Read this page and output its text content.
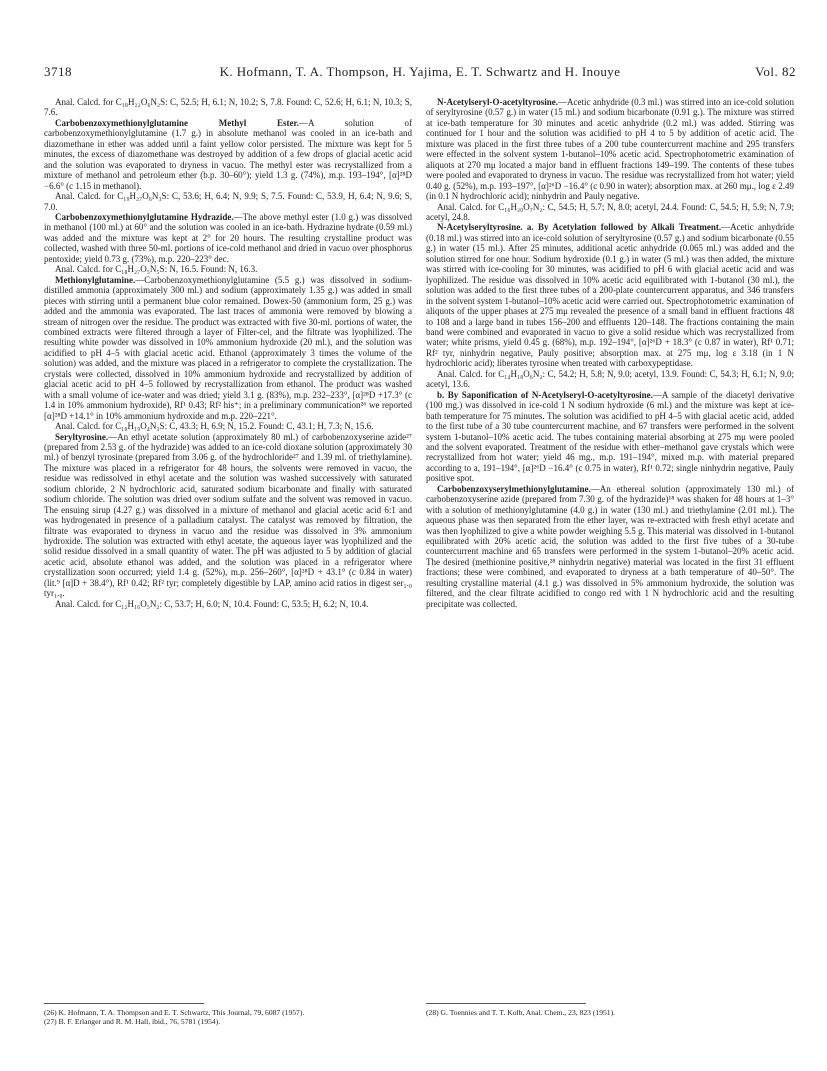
3718	K. Hofmann, T. A. Thompson, H. Yajima, E. T. Schwartz and H. Inouye	Vol. 82

Anal. Calcd. for C₁₈H₂₂O₆N₂S: C, 52.5; H, 6.1; N, 10.2; S, 7.8. Found: C, 52.6; H, 6.1; N, 10.3; S, 7.6.

Carbobenzoxymethionylglutamine Methyl Ester.—A solution of carbobenzoxymethionylglutamine (1.7 g.) in absolute methanol was cooled in an ice-bath and diazomethane in ether was added until a faint yellow color persisted. The mixture was kept for 5 minutes, the excess of diazomethane was destroyed by addition of a few drops of glacial acetic acid and the solution was evaporated to dryness in vacuo. The methyl ester was recrystallized from a mixture of methanol and petroleum ether (b.p. 30–60°); yield 1.3 g. (74%), m.p. 193–194°, [α]²⁸D −6.6° (c 1.15 in methanol).

Anal. Calcd. for C₁₉H₂₇O₆N₃S: C, 53.6; H, 6.4; N, 9.9; S, 7.5. Found: C, 53.9, H, 6.4; N, 9.6; S, 7.0.

Carbobenzoxymethionylglutamine Hydrazide.—The above methyl ester (1.0 g.) was dissolved in methanol (100 ml.) at 60° and the solution was cooled in an ice-bath. Hydrazine hydrate (0.59 ml.) was added and the mixture was kept at 2° for 20 hours. The resulting crystalline product was collected, washed with three 50-ml. portions of ice-cold methanol and dried in vacuo over phosphorus pentoxide; yield 0.73 g. (73%), m.p. 220–223° dec.

Anal. Calcd. for C₁₈H₂₇O₅N₅S: N, 16.5. Found: N, 16.3.

Methionylglutamine.—Carbobenzoxymethionylglutamine (5.5 g.) was dissolved in sodium-distilled ammonia (approximately 300 ml.) and sodium (approximately 1.35 g.) was added in small pieces with stirring until a permanent blue color remained. Dowex-50 (ammonium form, 25 g.) was added and the ammonia was evaporated. The last traces of ammonia were removed by blowing a stream of nitrogen over the residue. The product was extracted with five 30-ml. portions of water, the combined extracts were filtered through a layer of Filter-cel, and the filtrate was lyophilized. The resulting white powder was dissolved in 10% ammonium hydroxide (20 ml.), and the solution was acidified to pH 4–5 with glacial acetic acid. Ethanol (approximately 3 times the volume of the solution) was added, and the mixture was placed in a refrigerator to complete the crystallization. The crystals were collected, dissolved in 10% ammonium hydroxide and recrystallized by addition of glacial acetic acid to pH 4–5 followed by recrystallization from ethanol. The product was washed with a small volume of ice-water and was dried; yield 3.1 g. (83%), m.p. 232–233°, [α]²⁸D +17.3° (c 1.4 in 10% ammonium hydroxide), Rf¹ 0.43; Rf² his⁺; in a preliminary communication²⁶ we reported [α]²⁸D +14.1° in 10% ammonium hydroxide and m.p. 220–221°.

Anal. Calcd. for C₁₀H₁₉O₄N₃S: C, 43.3; H, 6.9; N, 15.2. Found: C, 43.1; H, 7.3; N, 15.6.

Seryltyrosine.—An ethyl acetate solution (approximately 80 ml.) of carbobenzoxyserine azide²⁷ (prepared from 2.53 g. of the hydrazide) was added to an ice-cold dioxane solution (approximately 30 ml.) of benzyl tyrosinate (prepared from 3.06 g. of the hydrochloride²⁷ and 1.39 ml. of triethylamine). The mixture was placed in a refrigerator for 48 hours, the solvents were removed in vacuo, the residue was redissolved in ethyl acetate and the solution was washed successively with saturated sodium chloride, 2 N hydrochloric acid, saturated sodium bicarbonate and finally with saturated sodium chloride. The solution was dried over sodium sulfate and the solvent was removed in vacuo. The ensuing sirup (4.27 g.) was dissolved in a mixture of methanol and glacial acetic acid 6:1 and was hydrogenated in presence of a palladium catalyst. The catalyst was removed by filtration, the filtrate was evaporated to dryness in vacuo and the residue was dissolved in 3% ammonium hydroxide. The solution was extracted with ethyl acetate, the aqueous layer was lyophilized and the solid residue dissolved in a small quantity of water. The pH was adjusted to 5 by addition of glacial acetic acid, absolute ethanol was added, and the solution was placed in a refrigerator where crystallization soon occurred; yield 1.4 g. (52%), m.p. 256–260°, [α]²⁸D + 43.1° (c 0.84 in water) (lit.⁹ [α]D + 38.4°), Rf¹ 0.42; Rf² tyr; completely digestible by LAP, amino acid ratios in digest ser₁.₀ tyr₁.₀.

Anal. Calcd. for C₁₂H₁₆O₅N₂: C, 53.7; H, 6.0; N, 10.4. Found: C, 53.5; H, 6.2; N, 10.4.

N-Acetylseryl-O-acetyltyrosine.—Acetic anhydride (0.3 ml.) was stirred into an ice-cold solution of seryltyrosine (0.57 g.) in water (15 ml.) and sodium bicarbonate (0.91 g.). The mixture was stirred at ice-bath temperature for 30 minutes and acetic anhydride (0.2 ml.) was added. Stirring was continued for 1 hour and the solution was acidified to pH 4 to 5 by addition of acetic acid. The mixture was placed in the first three tubes of a 200 tube countercurrent machine and 295 transfers were effected in the solvent system 1-butanol–10% acetic acid. Spectrophotometric examination of aliquots at 270 mμ located a major band in effluent fractions 149–199. The contents of these tubes were pooled and evaporated to dryness in vacuo. The residue was recrystallized from hot water; yield 0.40 g. (52%), m.p. 193–197°, [α]²⁶D −16.4° (c 0.90 in water); absorption max. at 260 mμ., log ε 2.49 (in 0.1 N hydrochloric acid); ninhydrin and Pauly negative.

Anal. Calcd. for C₁₆H₂₀O₇N₂: C, 54.5; H, 5.7; N, 8.0; acetyl, 24.4. Found: C, 54.5; H, 5.9; N, 7.9; acetyl, 24.8.

N-Acetylseryltyrosine. a. By Acetylation followed by Alkali Treatment.—Acetic anhydride (0.18 ml.) was stirred into an ice-cold solution of seryltyrosine (0.57 g.) and sodium bicarbonate (0.55 g.) in water (15 ml.). After 25 minutes, additional acetic anhydride (0.065 ml.) was added and the solution stirred for one hour. Sodium hydroxide (0.1 g.) in water (5 ml.) was then added, the mixture was stirred with ice-cooling for 30 minutes, was acidified to pH 6 with glacial acetic acid and was lyophilized. The residue was dissolved in 10% acetic acid equilibrated with 1-butanol (30 ml.), the solution was added to the first three tubes of a 200-plate countercurrent apparatus, and 346 transfers in the solvent system 1-butanol–10% acetic acid were carried out. Spectrophotometric examination of aliquots of the upper phases at 275 mμ revealed the presence of a small band in effluent fractions 48 to 108 and a large band in tubes 156–200 and effluents 120–148. The fractions containing the main band were combined and evaporated in vacuo to give a solid residue which was recrystallized from water; white prisms, yield 0.45 g. (68%), m.p. 192–194°, [α]²⁶D + 18.3° (c 0.87 in water), Rf¹ 0.71; Rf² tyr, ninhydrin negative, Pauly positive; absorption max. at 275 mμ, log ε 3.18 (in 1 N hydrochloric acid); liberates tyrosine when treated with carboxypeptidase.

Anal. Calcd. for C₁₄H₁₈O₆N₂: C, 54.2; H, 5.8; N, 9.0; acetyl, 13.9. Found: C, 54.3; H, 6.1; N, 9.0; acetyl, 13.6.

b. By Saponification of N-Acetylseryl-O-acetyltyrosine.—A sample of the diacetyl derivative (100 mg.) was dissolved in ice-cold 1 N sodium hydroxide (6 ml.) and the mixture was kept at ice-bath temperature for 75 minutes. The solution was acidified to pH 4–5 with glacial acetic acid, added to the first tube of a 30 tube countercurrent machine, and 67 transfers were performed in the solvent system 1-butanol–10% acetic acid. The tubes containing material absorbing at 275 mμ were pooled and the solvent evaporated. Treatment of the residue with ether–methanol gave crystals which were recrystallized from hot water; yield 46 mg., m.p. 191–194°, mixed m.p. with material prepared according to a, 191–194°, [α]²⁶D −16.4° (c 0.75 in water), Rf¹ 0.72; single ninhydrin negative, Pauly positive spot.

Carbobenzoxyserylmethionylglutamine.—An ethereal solution (approximately 130 ml.) of carbobenzoxyserine azide (prepared from 7.30 g. of the hydrazide)¹⁸ was shaken for 48 hours at 1–3° with a solution of methionylglutamine (4.0 g.) in water (130 ml.) and triethylamine (2.01 ml.). The aqueous phase was then separated from the ether layer, was re-extracted with fresh ethyl acetate and was then lyophilized to give a white powder weighing 5.5 g. This material was dissolved in 1-butanol equilibrated with 20% acetic acid, the solution was added to the first five tubes of a 30-tube countercurrent machine and 65 transfers were performed in the system 1-butanol–20% acetic acid. The desired (methionine positive,²⁸ ninhydrin negative) material was located in the first 31 effluent fractions; these were combined, and evaporated to dryness at a bath temperature of 40–50°. The resulting crystalline material (4.1 g.) was dissolved in 5% ammonium hydroxide, the solution was filtered, and the clear filtrate acidified to congo red with 1 N hydrochloric acid and the resulting precipitate was collected.

(26) K. Hofmann, T. A. Thompson and E. T. Schwartz, This Journal, 79, 6087 (1957).

(27) B. F. Erlanger and R. M. Hall, ibid., 76, 5781 (1954).

(28) G. Toennies and T. T. Kolb, Anal. Chem., 23, 823 (1951).
